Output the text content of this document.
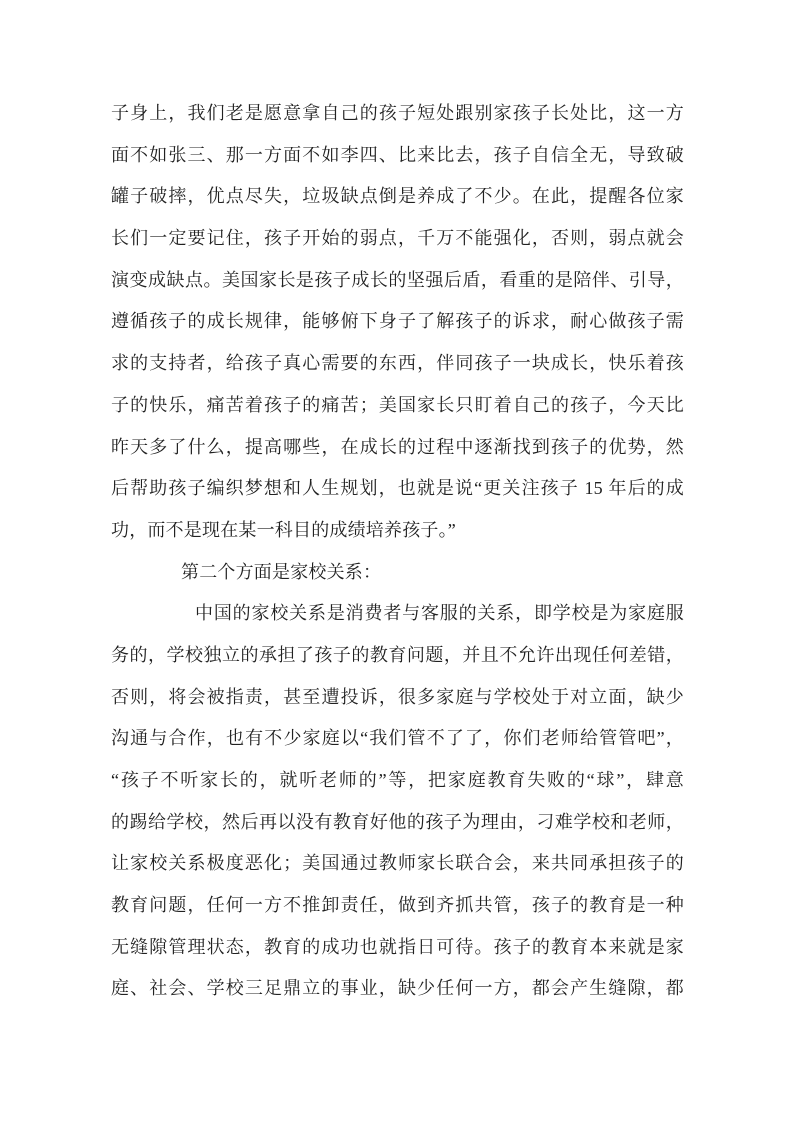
子身上，我们老是愿意拿自己的孩子短处跟别家孩子长处比，这一方
面不如张三、那一方面不如李四、比来比去，孩子自信全无，导致破
罐子破摔，优点尽失，垃圾缺点倒是养成了不少。在此，提醒各位家
长们一定要记住，孩子开始的弱点，千万不能强化，否则，弱点就会
演变成缺点。美国家长是孩子成长的坚强后盾，看重的是陪伴、引导，
遵循孩子的成长规律，能够俯下身子了解孩子的诉求，耐心做孩子需
求的支持者，给孩子真心需要的东西，伴同孩子一块成长，快乐着孩
子的快乐，痛苦着孩子的痛苦；美国家长只盯着自己的孩子，今天比
昨天多了什么，提高哪些，在成长的过程中逐渐找到孩子的优势，然
后帮助孩子编织梦想和人生规划，也就是说“更关注孩子 15 年后的成
功，而不是现在某一科目的成绩培养孩子。”
第二个方面是家校关系：
中国的家校关系是消费者与客服的关系，即学校是为家庭服
务的，学校独立的承担了孩子的教育问题，并且不允许出现任何差错，
否则，将会被指责，甚至遭投诉，很多家庭与学校处于对立面，缺少
沟通与合作，也有不少家庭以“我们管不了了，你们老师给管管吧”，
“孩子不听家长的，就听老师的”等，把家庭教育失败的“球”，肆意
的踢给学校，然后再以没有教育好他的孩子为理由，刁难学校和老师，
让家校关系极度恶化；美国通过教师家长联合会，来共同承担孩子的
教育问题，任何一方不推卸责任，做到齐抓共管，孩子的教育是一种
无缝隙管理状态，教育的成功也就指日可待。孩子的教育本来就是家
庭、社会、学校三足鼎立的事业，缺少任何一方，都会产生缝隙，都
